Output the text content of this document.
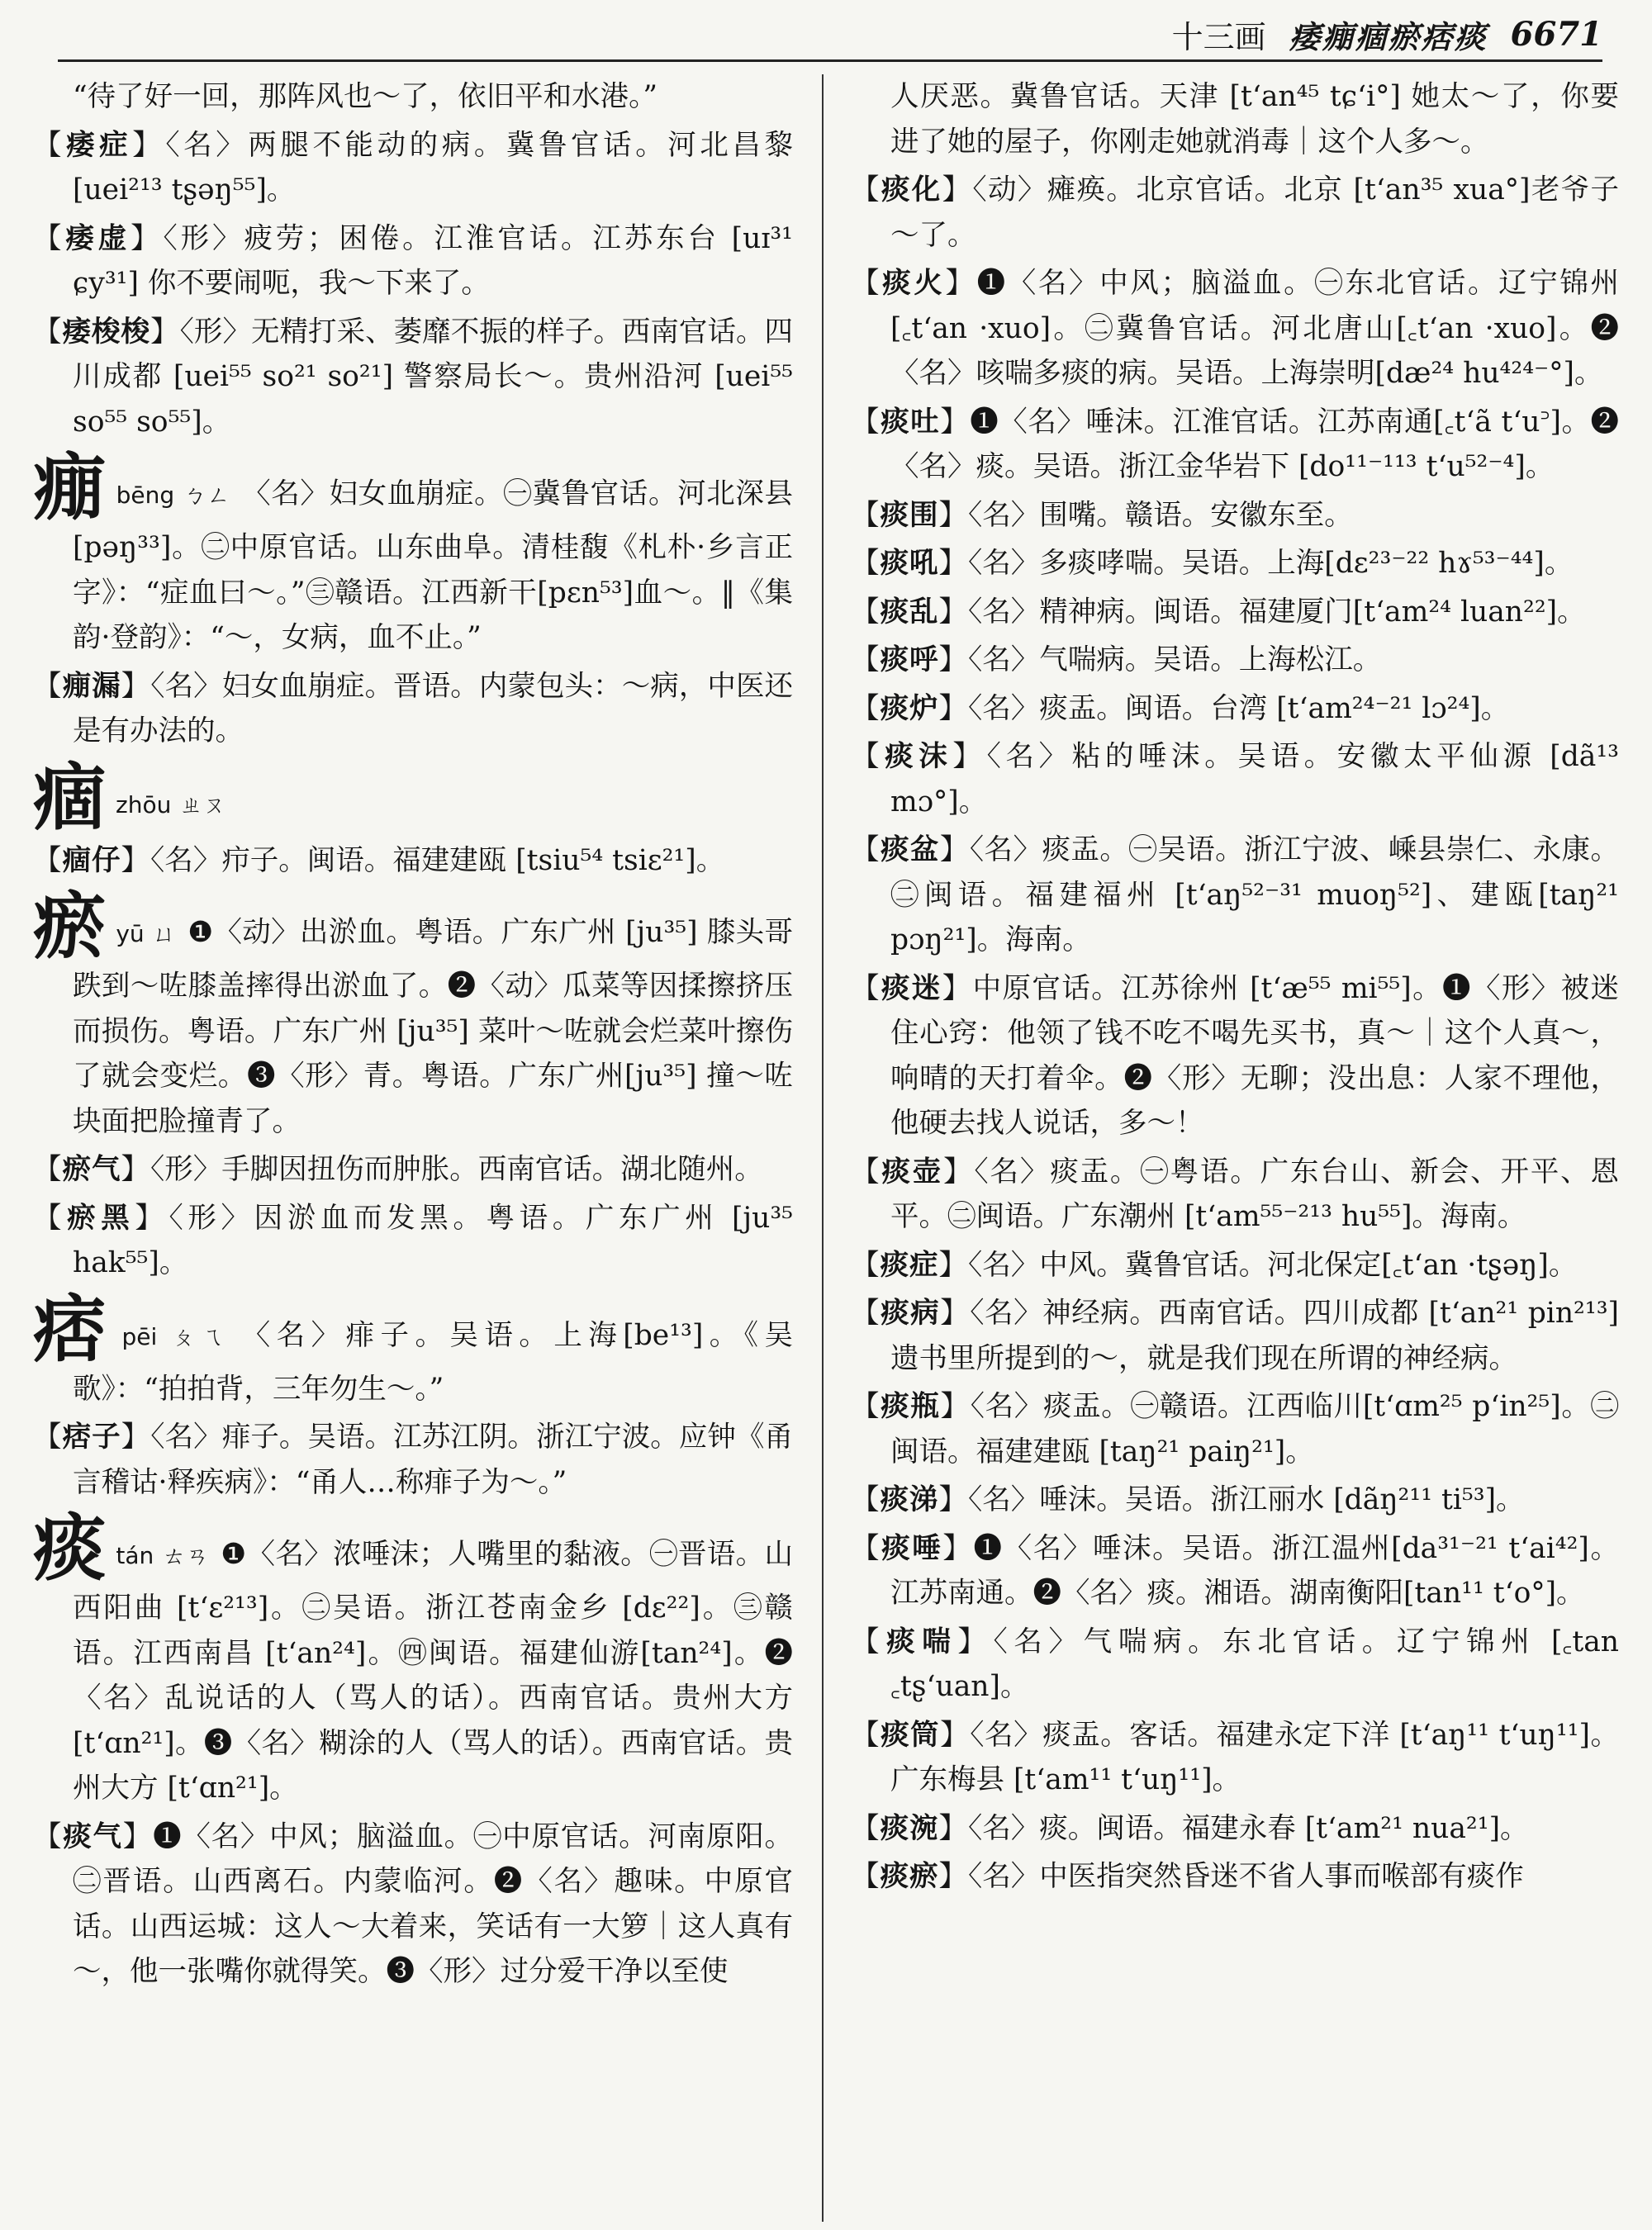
十三画 痿痭痼瘀痞痰 6671
“待了好一回，那阵风也～了，依旧平和水港。”
【痿症】〈名〉两腿不能动的病。冀鲁官话。河北昌黎[uei²¹³ tʂəŋ⁵⁵]。
【痿虚】〈形〉疲劳；困倦。江淮官话。江苏东台 [uɪ³¹ ɕy³¹] 你不要闹呃，我～下来了。
【痿梭梭】〈形〉无精打采、萎靡不振的样子。西南官话。四川成都 [uei⁵⁵ so²¹ so²¹] 警察局长～。贵州沿河 [uei⁵⁵ so⁵⁵ so⁵⁵]。
痭bēng ㄅㄥ 〈名〉妇女血崩症。㊀冀鲁官话。河北深县[pəŋ³³]。㊁中原官话。山东曲阜。清桂馥《札朴·乡言正字》：“症血曰～。”㊂赣语。江西新干[pɛn⁵³]血～。‖《集韵·登韵》：“～，女病，血不止。”
【痭漏】〈名〉妇女血崩症。晋语。内蒙包头：～病，中医还是有办法的。
痼zhōu ㄓㄡ
【痼仔】〈名〉疖子。闽语。福建建瓯 [tsiu⁵⁴ tsiɛ²¹]。
瘀yū ㄩ ❶〈动〉出淤血。粤语。广东广州 [ju³⁵] 膝头哥跌到～咗膝盖摔得出淤血了。❷〈动〉瓜菜等因揉擦挤压而损伤。粤语。广东广州 [ju³⁵] 菜叶～咗就会烂菜叶擦伤了就会变烂。❸〈形〉青。粤语。广东广州[ju³⁵] 撞～咗块面把脸撞青了。
【瘀气】〈形〉手脚因扭伤而肿胀。西南官话。湖北随州。
【瘀黑】〈形〉因淤血而发黑。粤语。广东广州 [ju³⁵ hak⁵⁵]。
痞pēi ㄆㄟ 〈名〉痱子。吴语。上海[be¹³]。《吴歌》：“拍拍背，三年勿生～。”
【痞子】〈名〉痱子。吴语。江苏江阴。浙江宁波。应钟《甬言稽诂·释疾病》：“甬人…称痱子为～。”
痰tán ㄊㄢ ❶〈名〉浓唾沫；人嘴里的黏液。㊀晋语。山西阳曲 [t‘ɛ²¹³]。㊁吴语。浙江苍南金乡 [dɛ²²]。㊂赣语。江西南昌 [t‘an²⁴]。㊃闽语。福建仙游[tan²⁴]。❷〈名〉乱说话的人（骂人的话）。西南官话。贵州大方 [t‘ɑn²¹]。❸〈名〉糊涂的人（骂人的话）。西南官话。贵州大方 [t‘ɑn²¹]。
【痰气】❶〈名〉中风；脑溢血。㊀中原官话。河南原阳。㊁晋语。山西离石。内蒙临河。❷〈名〉趣味。中原官话。山西运城：这人～大着来，笑话有一大箩｜这人真有～，他一张嘴你就得笑。❸〈形〉过分爱干净以至使
人厌恶。冀鲁官话。天津 [t‘an⁴⁵ tɕ‘i°] 她太～了，你要进了她的屋子，你刚走她就消毒｜这个人多～。
【痰化】〈动〉瘫痪。北京官话。北京 [t‘an³⁵ xua°]老爷子～了。
【痰火】❶〈名〉中风；脑溢血。㊀东北官话。辽宁锦州[꜀t‘an ·xuo]。㊁冀鲁官话。河北唐山[꜀t‘an ·xuo]。❷〈名〉咳喘多痰的病。吴语。上海崇明[dæ²⁴ hu⁴²⁴⁻°]。
【痰吐】❶〈名〉唾沫。江淮官话。江苏南通[꜀t‘ã t‘u꜄]。❷〈名〉痰。吴语。浙江金华岩下 [do¹¹⁻¹¹³ t‘u⁵²⁻⁴]。
【痰围】〈名〉围嘴。赣语。安徽东至。
【痰吼】〈名〉多痰哮喘。吴语。上海[dɛ²³⁻²² hɤ⁵³⁻⁴⁴]。
【痰乱】〈名〉精神病。闽语。福建厦门[t‘am²⁴ luan²²]。
【痰呼】〈名〉气喘病。吴语。上海松江。
【痰炉】〈名〉痰盂。闽语。台湾 [t‘am²⁴⁻²¹ lɔ²⁴]。
【痰沫】〈名〉粘的唾沫。吴语。安徽太平仙源 [dã¹³ mɔ°]。
【痰盆】〈名〉痰盂。㊀吴语。浙江宁波、嵊县崇仁、永康。㊁闽语。福建福州 [t‘aŋ⁵²⁻³¹ muoŋ⁵²]、建瓯[taŋ²¹ pɔŋ²¹]。海南。
【痰迷】中原官话。江苏徐州 [t‘æ⁵⁵ mi⁵⁵]。❶〈形〉被迷住心窍：他领了钱不吃不喝先买书，真～｜这个人真～，响晴的天打着伞。❷〈形〉无聊；没出息：人家不理他，他硬去找人说话，多～！
【痰壶】〈名〉痰盂。㊀粤语。广东台山、新会、开平、恩平。㊁闽语。广东潮州 [t‘am⁵⁵⁻²¹³ hu⁵⁵]。海南。
【痰症】〈名〉中风。冀鲁官话。河北保定[꜀t‘an ·tʂəŋ]。
【痰病】〈名〉神经病。西南官话。四川成都 [t‘an²¹ pin²¹³] 遗书里所提到的～，就是我们现在所谓的神经病。
【痰瓶】〈名〉痰盂。㊀赣语。江西临川[t‘ɑm²⁵ p‘in²⁵]。㊁闽语。福建建瓯 [taŋ²¹ paiŋ²¹]。
【痰涕】〈名〉唾沫。吴语。浙江丽水 [dãŋ²¹¹ ti⁵³]。
【痰唾】❶〈名〉唾沫。吴语。浙江温州[da³¹⁻²¹ t‘ai⁴²]。江苏南通。❷〈名〉痰。湘语。湖南衡阳[tan¹¹ t‘o°]。
【痰喘】〈名〉气喘病。东北官话。辽宁锦州 [꜀tan ꜀tʂ‘uan]。
【痰筒】〈名〉痰盂。客话。福建永定下洋 [t‘aŋ¹¹ t‘uŋ¹¹]。广东梅县 [t‘am¹¹ t‘uŋ¹¹]。
【痰涴】〈名〉痰。闽语。福建永春 [t‘am²¹ nua²¹]。
【痰瘀】〈名〉中医指突然昏迷不省人事而喉部有痰作
